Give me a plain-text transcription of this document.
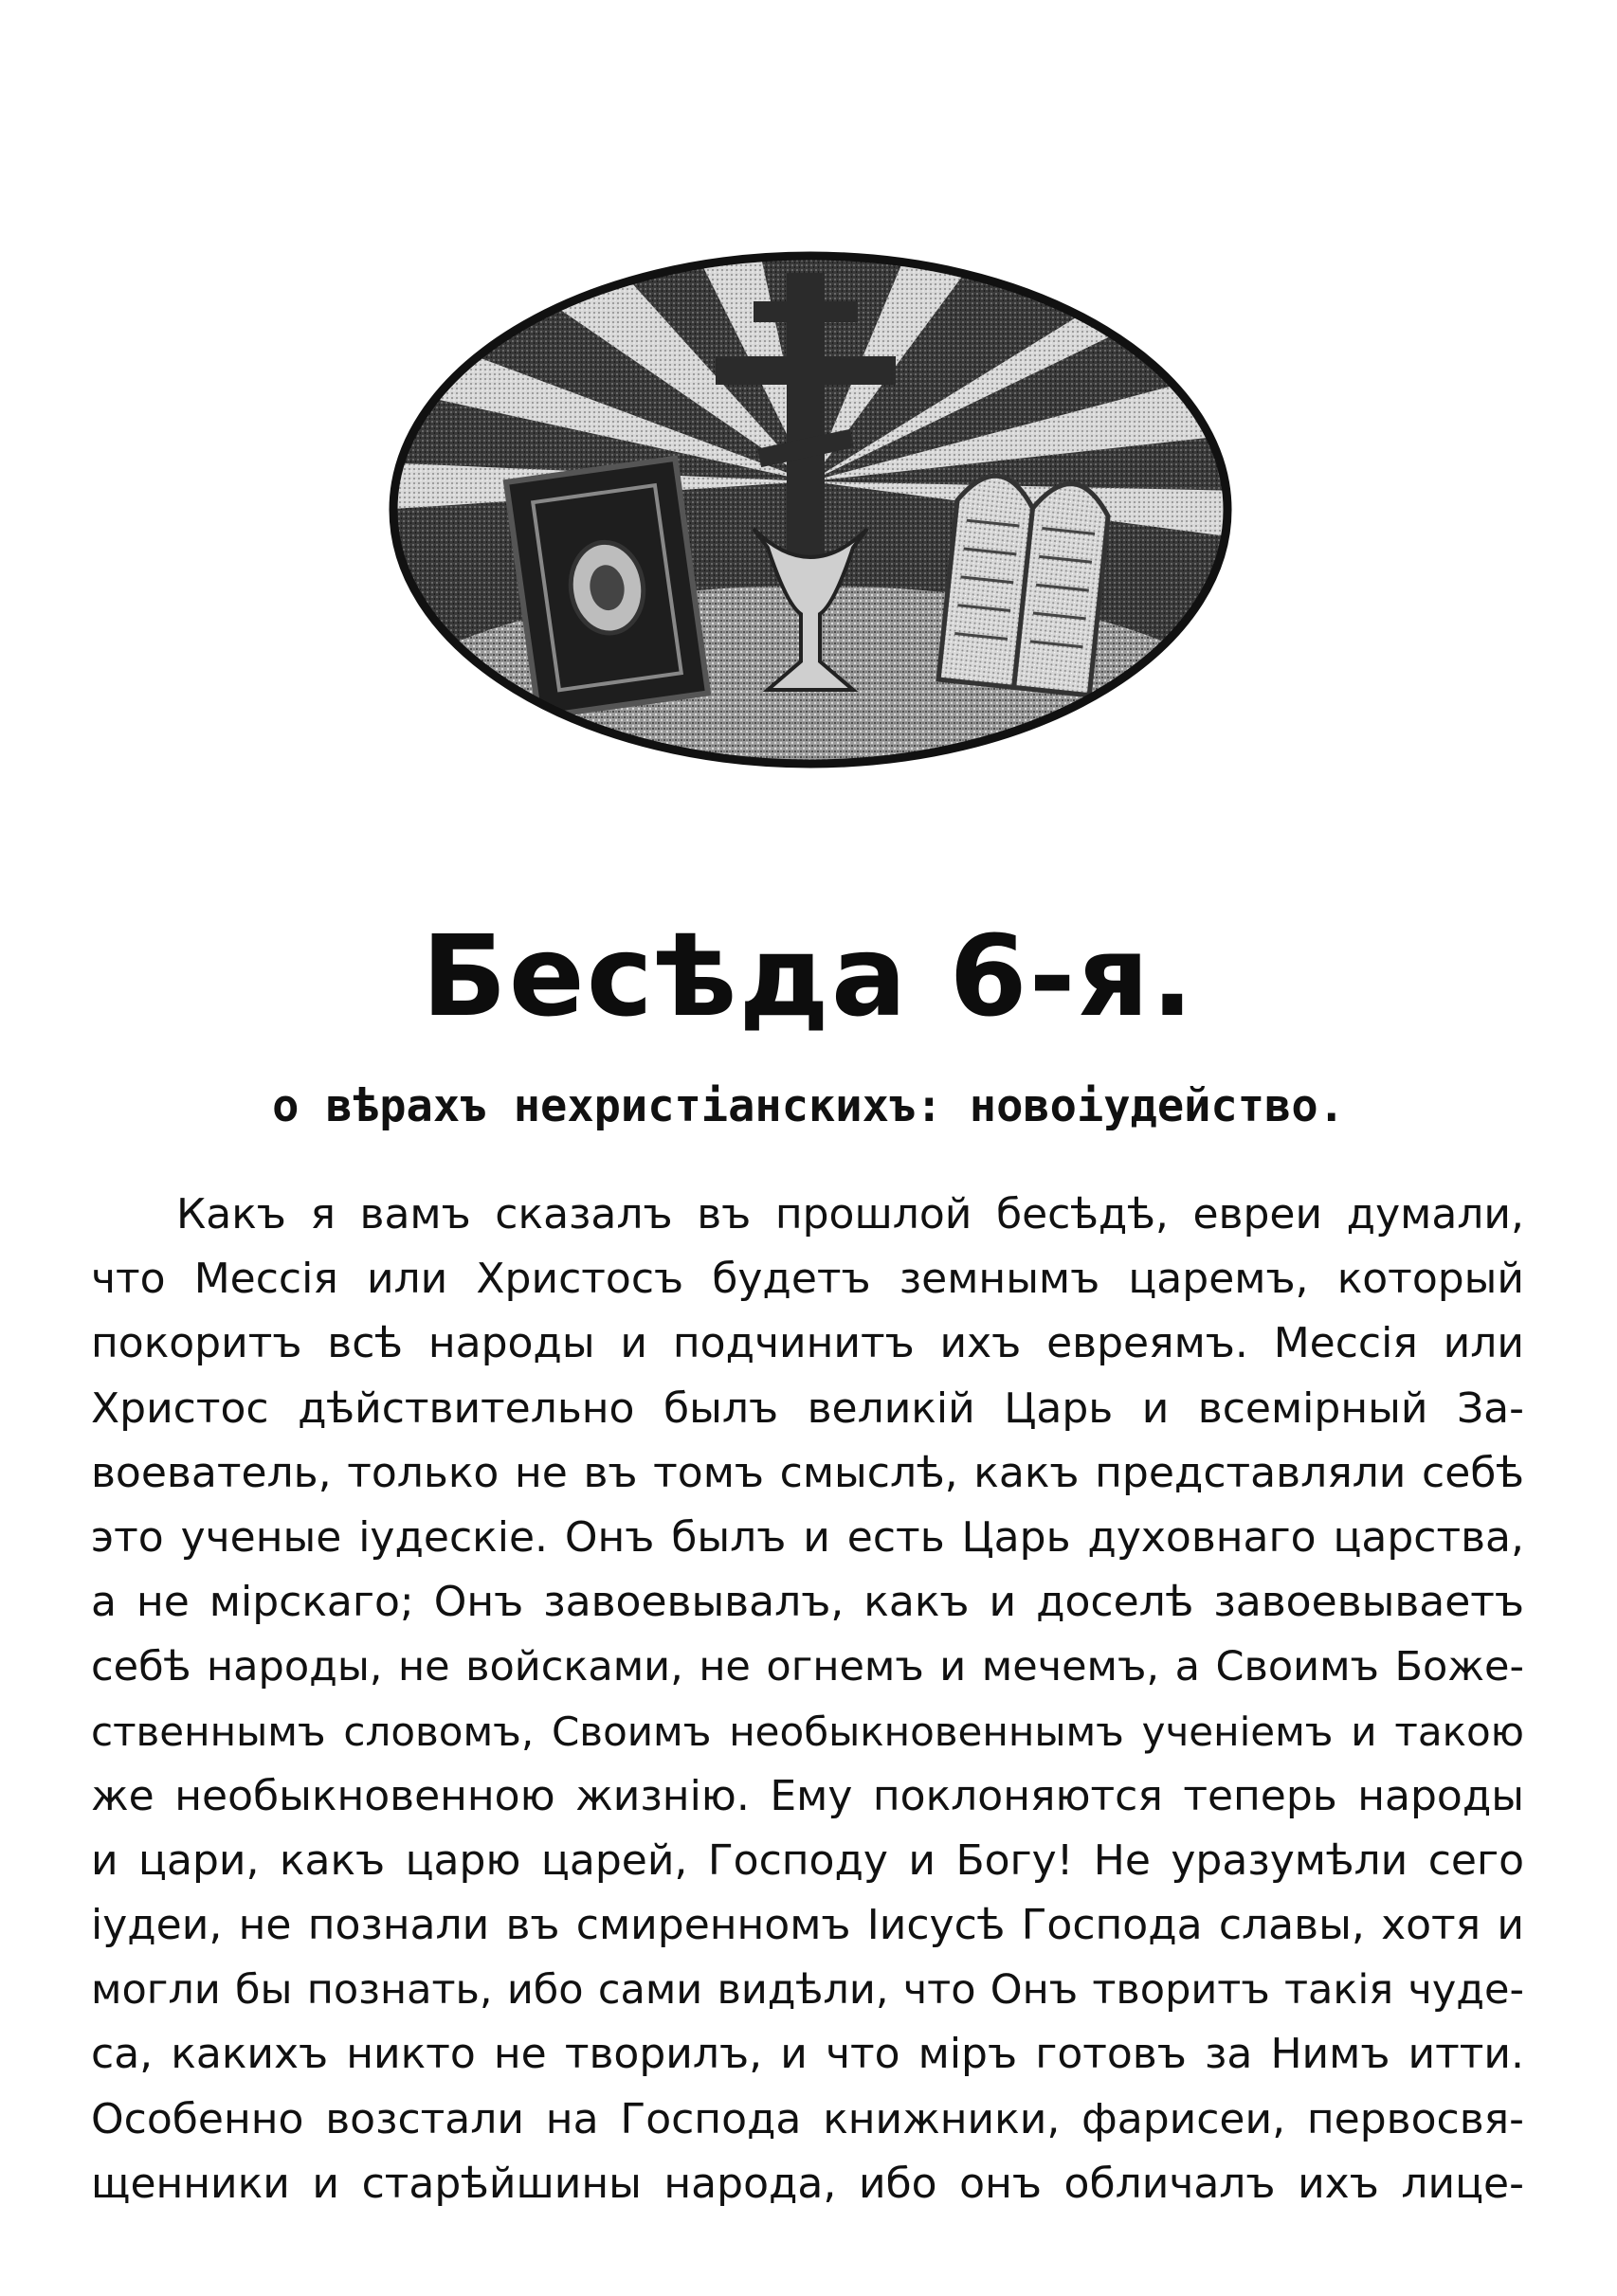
Бесѣда 6-я.
о вѣрахъ нехристіанскихъ: новоіудейство.
Какъ я вамъ сказалъ въ прошлой бесѣдѣ, евреи думали,
что Мессія или Христосъ будетъ земнымъ царемъ, который
покоритъ всѣ народы и подчинитъ ихъ евреямъ. Мессія или
Христос дѣйствительно былъ великій Царь и всемірный За-
воеватель, только не въ томъ смыслѣ, какъ представляли себѣ
это ученые іудескіе. Онъ былъ и есть Царь духовнаго царства,
а не мірскаго; Онъ завоевывалъ, какъ и доселѣ завоевываетъ
себѣ народы, не войсками, не огнемъ и мечемъ, а Своимъ Боже-
ственнымъ словомъ, Своимъ необыкновеннымъ ученіемъ и такою
же необыкновенною жизнію. Ему поклоняются теперь народы
и цари, какъ царю царей, Господу и Богу! Не уразумѣли сего
іудеи, не познали въ смиренномъ Іисусѣ Господа славы, хотя и
могли бы познать, ибо сами видѣли, что Онъ творитъ такія чуде-
са, какихъ никто не творилъ, и что міръ готовъ за Нимъ итти.
Особенно возстали на Господа книжники, фарисеи, первосвя-
щенники и старѣйшины народа, ибо онъ обличалъ ихъ лице-
